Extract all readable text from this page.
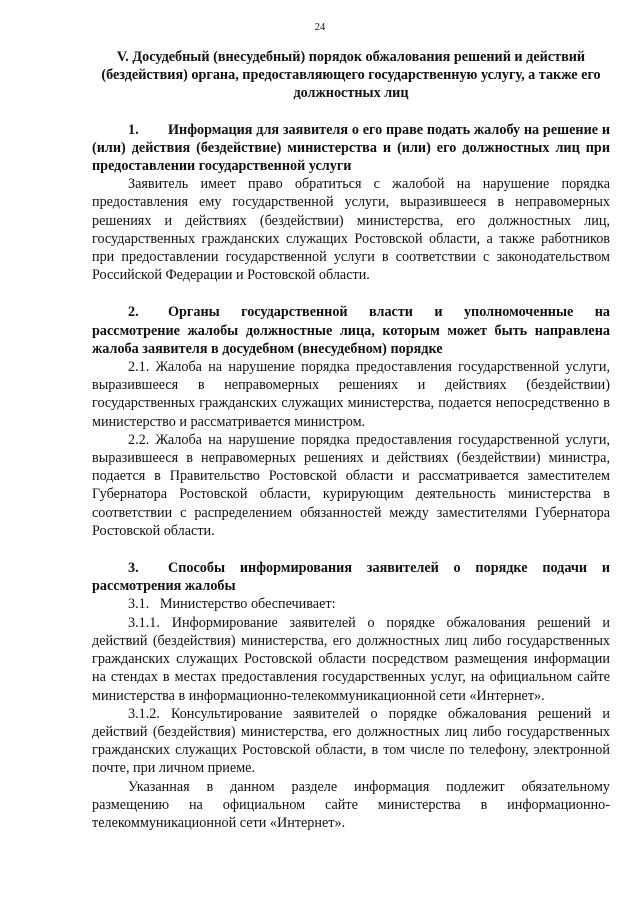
24
V. Досудебный (внесудебный) порядок обжалования решений и действий (бездействия) органа, предоставляющего государственную услугу, а также его должностных лиц

1. Информация для заявителя о его праве подать жалобу на решение и (или) действия (бездействие) министерства и (или) его должностных лиц при предоставлении государственной услуги

Заявитель имеет право обратиться с жалобой на нарушение порядка предоставления ему государственной услуги, выразившееся в неправомерных решениях и действиях (бездействии) министерства, его должностных лиц, государственных гражданских служащих Ростовской области, а также работников при предоставлении государственной услуги в соответствии с законодательством Российской Федерации и Ростовской области.

2. Органы государственной власти и уполномоченные на рассмотрение жалобы должностные лица, которым может быть направлена жалоба заявителя в досудебном (внесудебном) порядке

2.1. Жалоба на нарушение порядка предоставления государственной услуги, выразившееся в неправомерных решениях и действиях (бездействии) государственных гражданских служащих министерства, подается непосредственно в министерство и рассматривается министром.

2.2. Жалоба на нарушение порядка предоставления государственной услуги, выразившееся в неправомерных решениях и действиях (бездействии) министра, подается в Правительство Ростовской области и рассматривается заместителем Губернатора Ростовской области, курирующим деятельность министерства в соответствии с распределением обязанностей между заместителями Губернатора Ростовской области.

3. Способы информирования заявителей о порядке подачи и рассмотрения жалобы

3.1.   Министерство обеспечивает:

3.1.1. Информирование заявителей о порядке обжалования решений и действий (бездействия) министерства, его должностных лиц либо государственных гражданских служащих Ростовской области посредством размещения информации на стендах в местах предоставления государственных услуг, на официальном сайте министерства в информационно-телекоммуникационной сети «Интернет».

3.1.2. Консультирование заявителей о порядке обжалования решений и действий (бездействия) министерства, его должностных лиц либо государственных гражданских служащих Ростовской области, в том числе по телефону, электронной почте, при личном приеме.

Указанная в данном разделе информация подлежит обязательному размещению на официальном сайте министерства в информационно-телекоммуникационной сети «Интернет».
